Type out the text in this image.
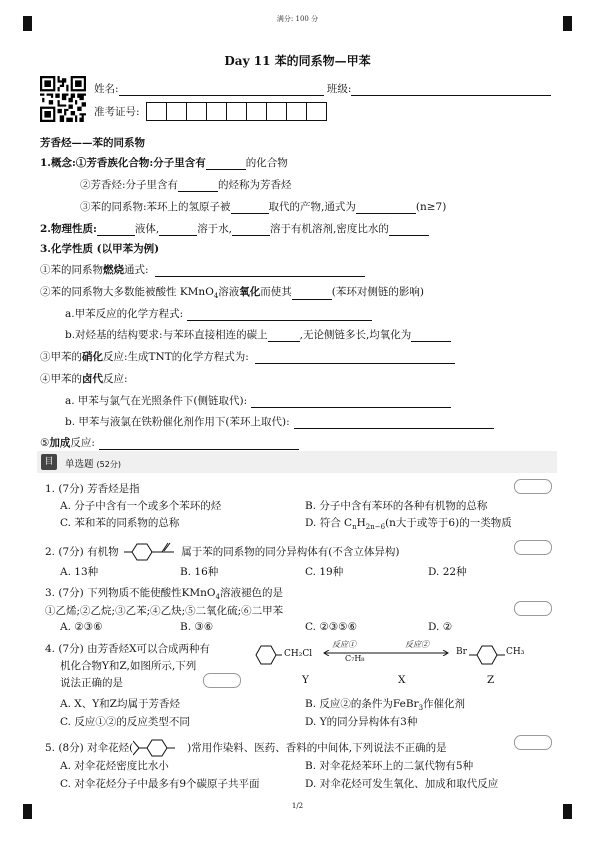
满分: 100 分
Day 11 苯的同系物—甲苯
姓名:	班级:
准考证号:
芳香烃——苯的同系物
1.概念:①芳香族化合物:分子里含有	的化合物
②芳香烃:分子里含有	的烃称为芳香烃
③苯的同系物:苯环上的氢原子被	取代的产物,通式为	(n≥7)
2.物理性质:	液体,	溶于水,	溶于有机溶剂,密度比水的
3.化学性质 (以甲苯为例)
①苯的同系物燃烧通式:
②苯的同系物大多数能被酸性 KMnO$_4$溶液氧化而使其	(苯环对侧链的影响)
a.甲苯反应的化学方程式:
b.对烃基的结构要求:与苯环直接相连的碳上	,无论侧链多长,均氧化为
③甲苯的硝化反应:生成TNT的化学方程式为:
④甲苯的卤代反应:
a. 甲苯与氯气在光照条件下(侧链取代):
b. 甲苯与液氯在铁粉催化剂作用下(苯环上取代):
⑤加成反应:
目	单选题 (52分)
1. (7分) 芳香烃是指
A. 分子中含有一个或多个苯环的烃	B. 分子中含有苯环的各种有机物的总称
C. 苯和苯的同系物的总称	D. 符合 $C_nH_{2n-6}(n$大于或等于6)的一类物质
2. (7分) 有机物	属于苯的同系物的同分异构体有(不含立体异构)
A. 13种	B. 16种	C. 19种	D. 22种
3. (7分) 下列物质不能使酸性KMnO$_4$溶液褪色的是
①乙烯;②乙烷;③乙苯;④乙炔;⑤二氧化硫;⑥二甲苯
A. ②③⑥	B. ③⑥	C. ②③⑤⑥	D. ②
4. (7分) 由芳香烃X可以合成两种有
机化合物Y和Z,如图所示,下列
说法正确的是
CH₂Cl
反应①
C₇H₈
反应②
Br	CH₃
Y	X	Z
A. X、Y和Z均属于芳香烃	B. 反应②的条件为FeBr$_3$作催化剂
C. 反应①②的反应类型不同	D. Y的同分异构体有3种
5. (8分) 对伞花烃(	)常用作染料、医药、香料的中间体,下列说法不正确的是
A. 对伞花烃密度比水小	B. 对伞花烃苯环上的二氯代物有5种
C. 对伞花烃分子中最多有9个碳原子共平面	D. 对伞花烃可发生氧化、加成和取代反应
1/2
